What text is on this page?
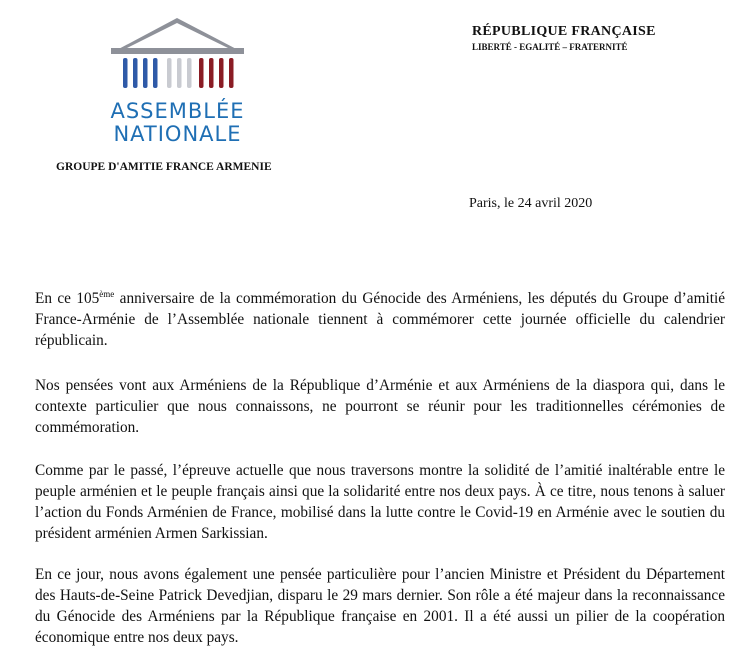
ASSEMBLÉE
NATIONALE
RÉPUBLIQUE FRANÇAISE
LIBERTÉ - EGALITÉ – FRATERNITÉ
GROUPE D'AMITIE FRANCE ARMENIE
Paris, le 24 avril 2020
En ce 105ème anniversaire de la commémoration du Génocide des Arméniens, les députés du Groupe d’amitié France-Arménie de l’Assemblée nationale tiennent à commémorer cette journée officielle du calendrier républicain.
Nos pensées vont aux Arméniens de la République d’Arménie et aux Arméniens de la diaspora qui, dans le contexte particulier que nous connaissons, ne pourront se réunir pour les traditionnelles cérémonies de commémoration.
Comme par le passé, l’épreuve actuelle que nous traversons montre la solidité de l’amitié inaltérable entre le peuple arménien et le peuple français ainsi que la solidarité entre nos deux pays. À ce titre, nous tenons à saluer l’action du Fonds Arménien de France, mobilisé dans la lutte contre le Covid-19 en Arménie avec le soutien du président arménien Armen Sarkissian.
En ce jour, nous avons également une pensée particulière pour l’ancien Ministre et Président du Département des Hauts-de-Seine Patrick Devedjian, disparu le 29 mars dernier. Son rôle a été majeur dans la reconnaissance du Génocide des Arméniens par la République française en 2001. Il a été aussi un pilier de la coopération économique entre nos deux pays.
